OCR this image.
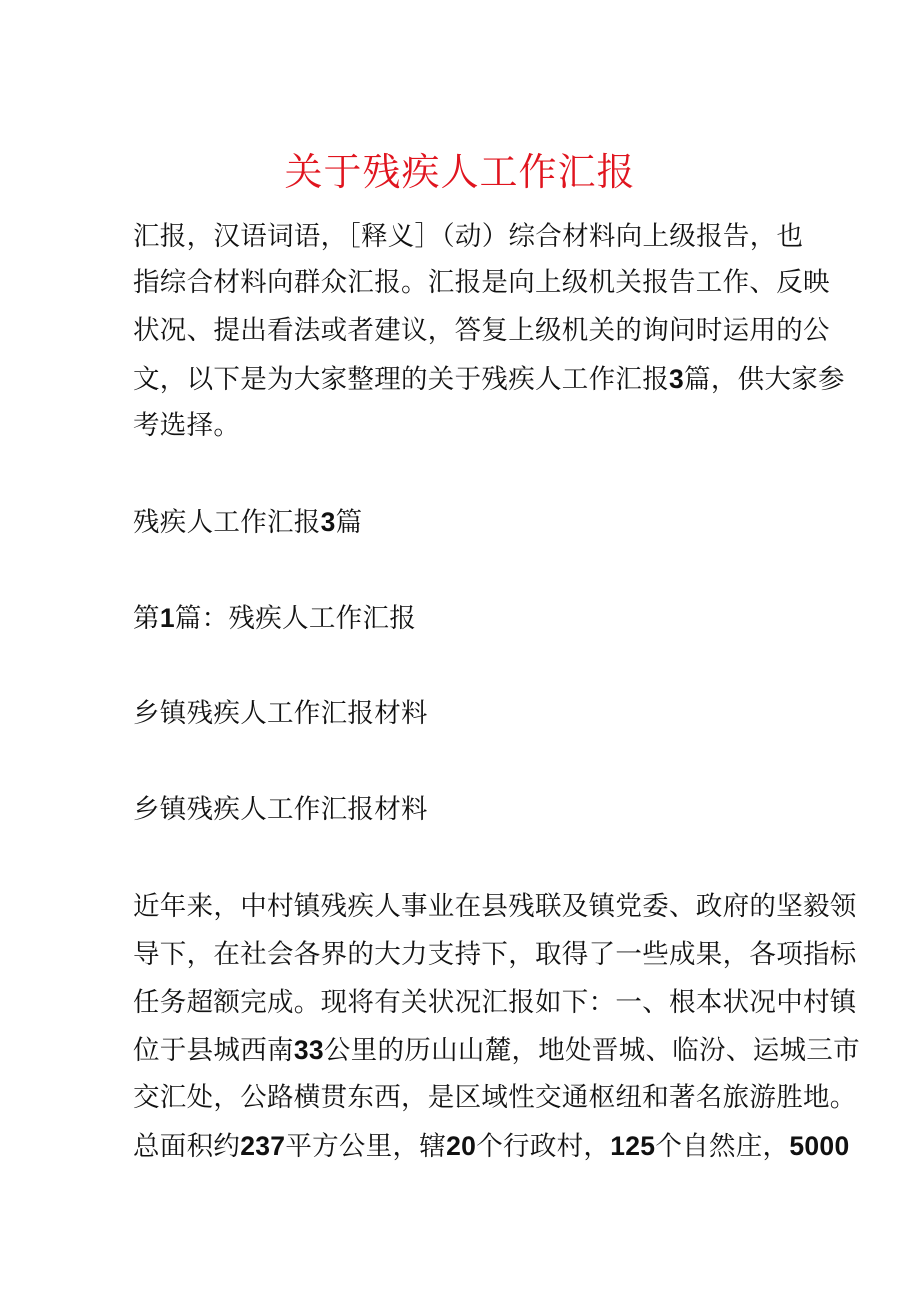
关于残疾人工作汇报
汇报，汉语词语，［释义］（动）综合材料向上级报告，也
指综合材料向群众汇报。汇报是向上级机关报告工作、反映
状况、提出看法或者建议，答复上级机关的询问时运用的公
文，以下是为大家整理的关于残疾人工作汇报3篇，供大家参
考选择。
残疾人工作汇报3篇
第1篇：残疾人工作汇报
乡镇残疾人工作汇报材料
乡镇残疾人工作汇报材料
近年来，中村镇残疾人事业在县残联及镇党委、政府的坚毅领
导下，在社会各界的大力支持下，取得了一些成果，各项指标
任务超额完成。现将有关状况汇报如下：一、根本状况中村镇
位于县城西南33公里的历山山麓，地处晋城、临汾、运城三市
交汇处，公路横贯东西，是区域性交通枢纽和著名旅游胜地。
总面积约237平方公里，辖20个行政村，125个自然庄，5000
